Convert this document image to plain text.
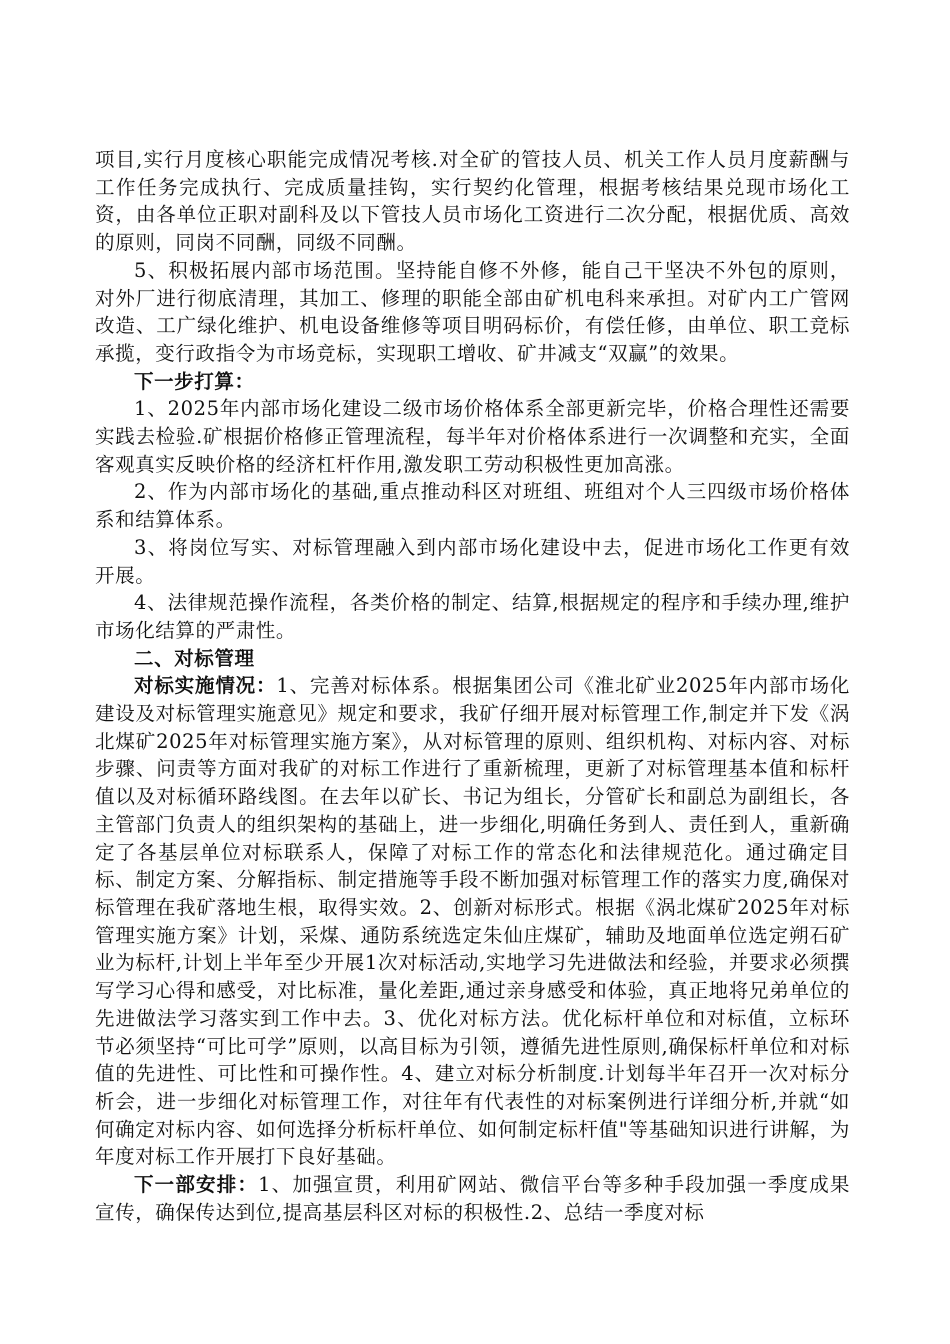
项目,实行月度核心职能完成情况考核.对全矿的管技人员、机关工作人员月度薪酬与工作任务完成执行、完成质量挂钩，实行契约化管理，根据考核结果兑现市场化工资，由各单位正职对副科及以下管技人员市场化工资进行二次分配，根据优质、高效的原则，同岗不同酬，同级不同酬。

5、积极拓展内部市场范围。坚持能自修不外修，能自己干坚决不外包的原则，对外厂进行彻底清理，其加工、修理的职能全部由矿机电科来承担。对矿内工广管网改造、工广绿化维护、机电设备维修等项目明码标价，有偿任修，由单位、职工竞标承揽，变行政指令为市场竞标，实现职工增收、矿井减支“双赢”的效果。

下一步打算：

1、2025年内部市场化建设二级市场价格体系全部更新完毕，价格合理性还需要实践去检验.矿根据价格修正管理流程，每半年对价格体系进行一次调整和充实，全面客观真实反映价格的经济杠杆作用,激发职工劳动积极性更加高涨。

2、作为内部市场化的基础,重点推动科区对班组、班组对个人三四级市场价格体系和结算体系。

3、将岗位写实、对标管理融入到内部市场化建设中去，促进市场化工作更有效开展。

4、法律规范操作流程，各类价格的制定、结算,根据规定的程序和手续办理,维护市场化结算的严肃性。

二、对标管理

对标实施情况：1、完善对标体系。根据集团公司《淮北矿业2025年内部市场化建设及对标管理实施意见》规定和要求，我矿仔细开展对标管理工作,制定并下发《涡北煤矿2025年对标管理实施方案》，从对标管理的原则、组织机构、对标内容、对标步骤、问责等方面对我矿的对标工作进行了重新梳理，更新了对标管理基本值和标杆值以及对标循环路线图。在去年以矿长、书记为组长，分管矿长和副总为副组长，各主管部门负责人的组织架构的基础上，进一步细化,明确任务到人、责任到人，重新确定了各基层单位对标联系人，保障了对标工作的常态化和法律规范化。通过确定目标、制定方案、分解指标、制定措施等手段不断加强对标管理工作的落实力度,确保对标管理在我矿落地生根，取得实效。2、创新对标形式。根据《涡北煤矿2025年对标管理实施方案》计划，采煤、通防系统选定朱仙庄煤矿，辅助及地面单位选定朔石矿业为标杆,计划上半年至少开展1次对标活动,实地学习先进做法和经验，并要求必须撰写学习心得和感受，对比标准，量化差距,通过亲身感受和体验，真正地将兄弟单位的先进做法学习落实到工作中去。3、优化对标方法。优化标杆单位和对标值，立标环节必须坚持“可比可学”原则，以高目标为引领，遵循先进性原则,确保标杆单位和对标值的先进性、可比性和可操作性。4、建立对标分析制度.计划每半年召开一次对标分析会，进一步细化对标管理工作，对往年有代表性的对标案例进行详细分析,并就“如何确定对标内容、如何选择分析标杆单位、如何制定标杆值"等基础知识进行讲解，为年度对标工作开展打下良好基础。

下一部安排：1、加强宣贯，利用矿网站、微信平台等多种手段加强一季度成果宣传，确保传达到位,提高基层科区对标的积极性.2、总结一季度对标
